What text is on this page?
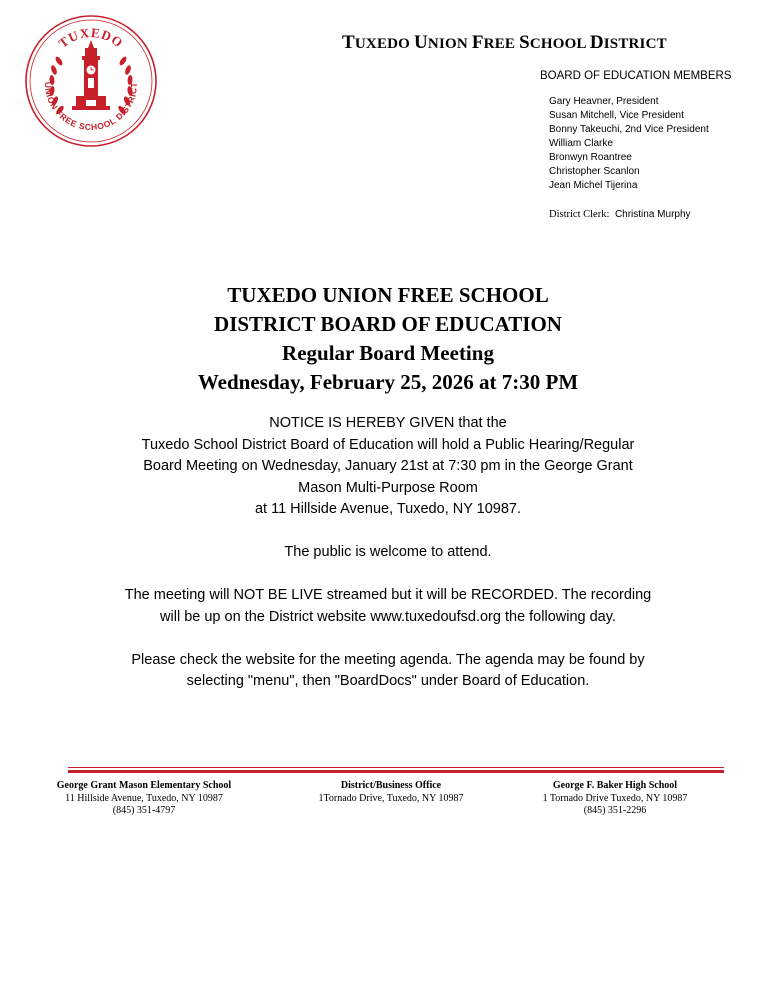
TUXEDO
UNION FREE SCHOOL DISTRICT
TUXEDO UNION FREE SCHOOL DISTRICT
BOARD OF EDUCATION MEMBERS
Gary Heavner, President
Susan Mitchell, Vice President
Bonny Takeuchi, 2nd Vice President
William Clarke
Bronwyn Roantree
Christopher Scanlon
Jean Michel Tijerina
District Clerk: Christina Murphy
TUXEDO UNION FREE SCHOOL
DISTRICT BOARD OF EDUCATION
Regular Board Meeting
Wednesday, February 25, 2026 at 7:30 PM
NOTICE IS HEREBY GIVEN that the
Tuxedo School District Board of Education will hold a Public Hearing/Regular
Board Meeting on Wednesday, January 21st at 7:30 pm in the George Grant
Mason Multi-Purpose Room
at 11 Hillside Avenue, Tuxedo, NY 10987.
The public is welcome to attend.
The meeting will NOT BE LIVE streamed but it will be RECORDED. The recording
will be up on the District website www.tuxedoufsd.org the following day.
Please check the website for the meeting agenda. The agenda may be found by
selecting "menu", then "BoardDocs" under Board of Education.
George Grant Mason Elementary School
11 Hillside Avenue, Tuxedo, NY 10987
(845) 351-4797
District/Business Office
1Tornado Drive, Tuxedo, NY 10987
George F. Baker High School
1 Tornado Drive Tuxedo, NY 10987
(845) 351-2296
